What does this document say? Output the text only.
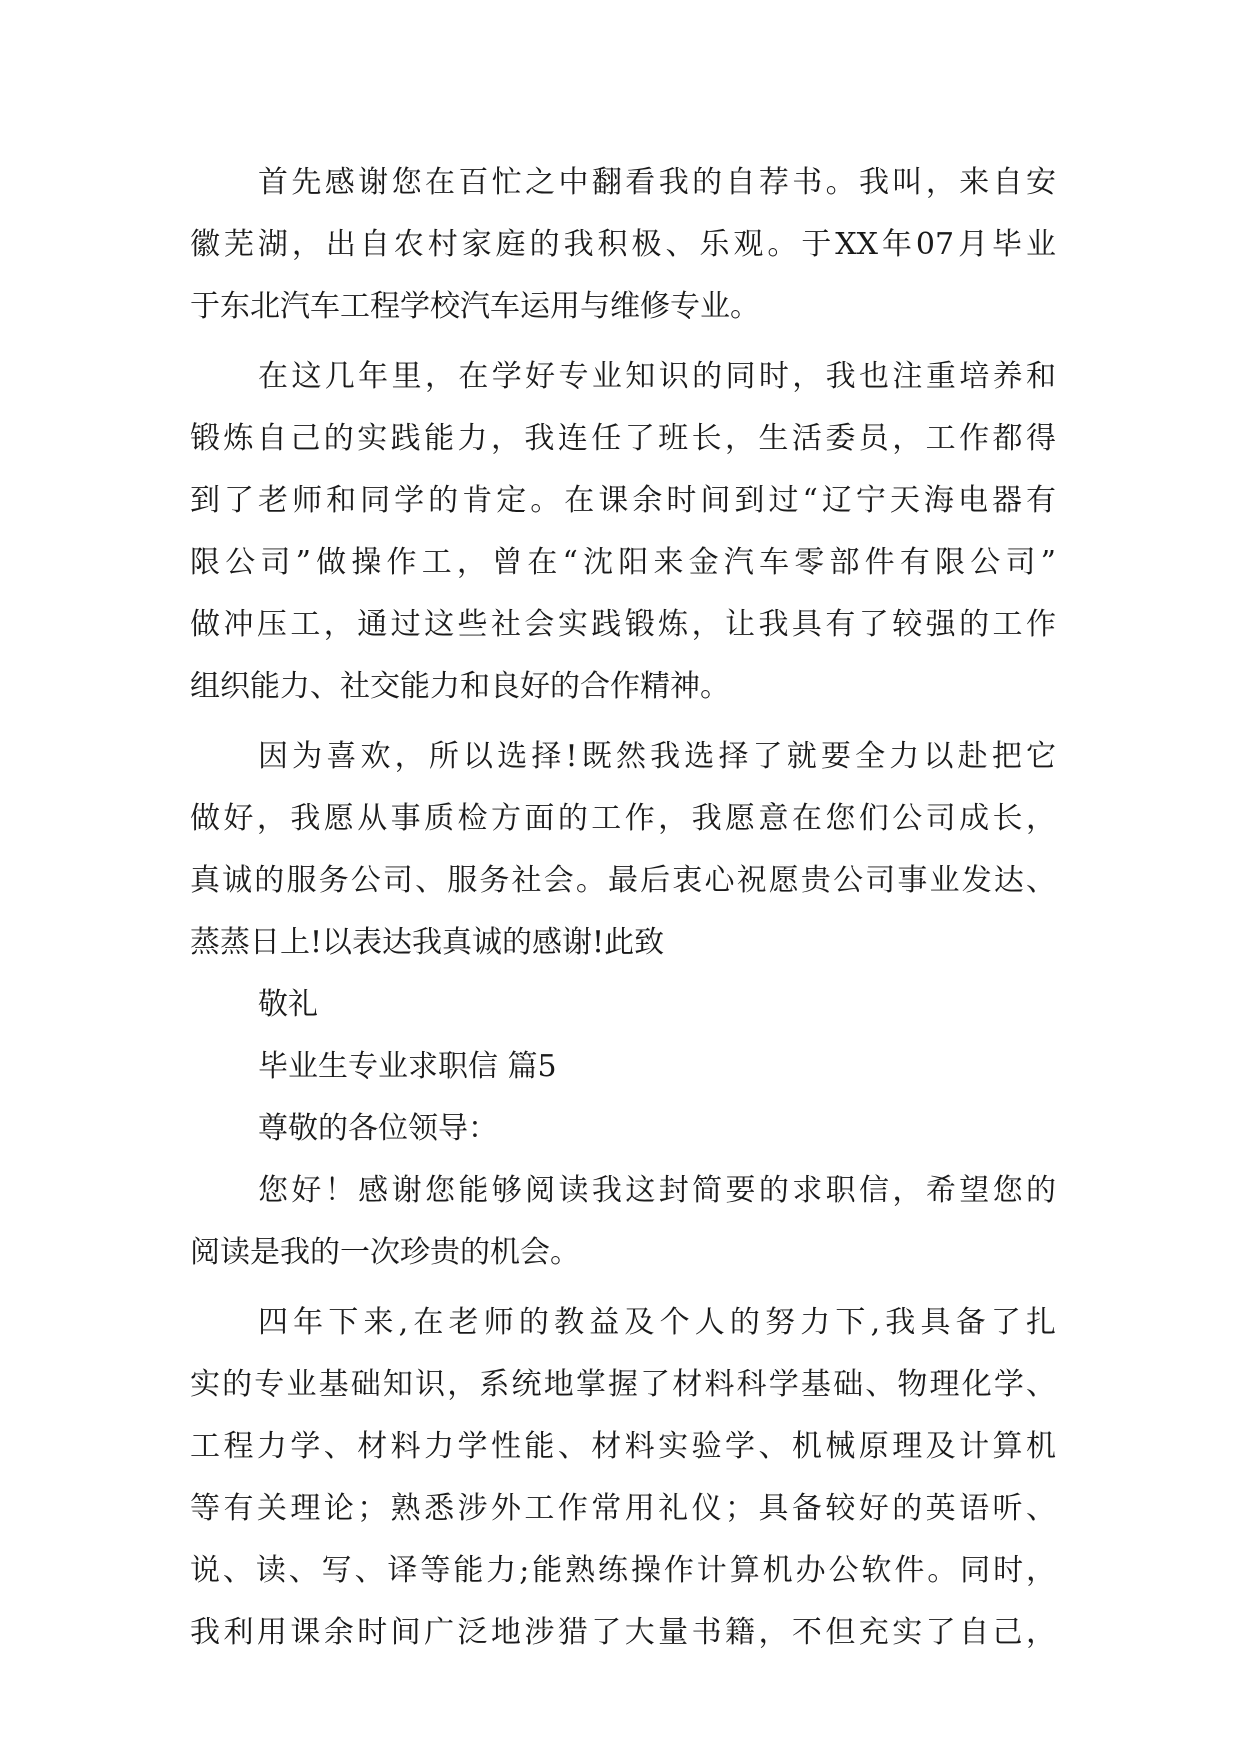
首先感谢您在百忙之中翻看我的自荐书。我叫，来自安
徽芜湖，出自农村家庭的我积极、乐观。于XX年07月毕业
于东北汽车工程学校汽车运用与维修专业。
在这几年里，在学好专业知识的同时，我也注重培养和
锻炼自己的实践能力，我连任了班长，生活委员，工作都得
到了老师和同学的肯定。在课余时间到过“辽宁天海电器有
限公司”做操作工，曾在“沈阳来金汽车零部件有限公司”
做冲压工，通过这些社会实践锻炼，让我具有了较强的工作
组织能力、社交能力和良好的合作精神。
因为喜欢，所以选择!既然我选择了就要全力以赴把它
做好，我愿从事质检方面的工作，我愿意在您们公司成长，
真诚的服务公司、服务社会。最后衷心祝愿贵公司事业发达、
蒸蒸日上!以表达我真诚的感谢!此致
敬礼
毕业生专业求职信 篇5
尊敬的各位领导：
您好！感谢您能够阅读我这封简要的求职信，希望您的
阅读是我的一次珍贵的机会。
四年下来,在老师的教益及个人的努力下,我具备了扎
实的专业基础知识，系统地掌握了材料科学基础、物理化学、
工程力学、材料力学性能、材料实验学、机械原理及计算机
等有关理论；熟悉涉外工作常用礼仪；具备较好的英语听、
说、读、写、译等能力;能熟练操作计算机办公软件。同时，
我利用课余时间广泛地涉猎了大量书籍，不但充实了自己，
